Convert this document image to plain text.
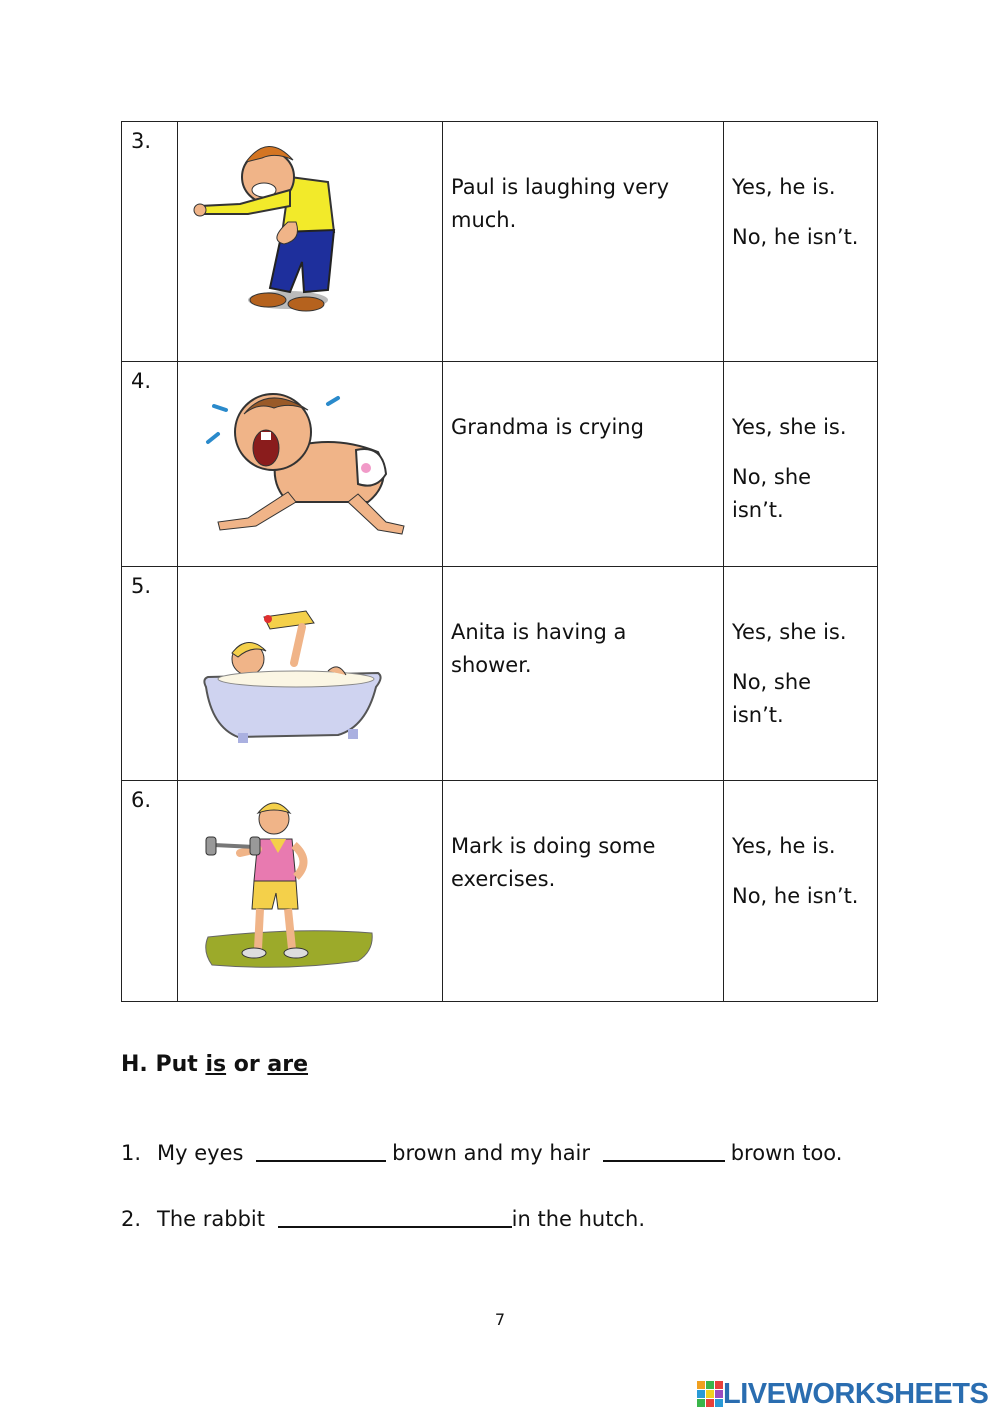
3.		Paul is laughing very much.	Yes, he is.
No, he isn’t.

4.		Grandma is crying	Yes, she is.
No, she isn’t.

5.		Anita is having a shower.	Yes, she is.
No, she isn’t.

6.		Mark is doing some exercises.	Yes, he is.
No, he isn’t.
H. Put is or are
1. My eyes	brown and my hair	brown too.
2. The rabbit	in the hutch.
7
LIVEWORKSHEETS
